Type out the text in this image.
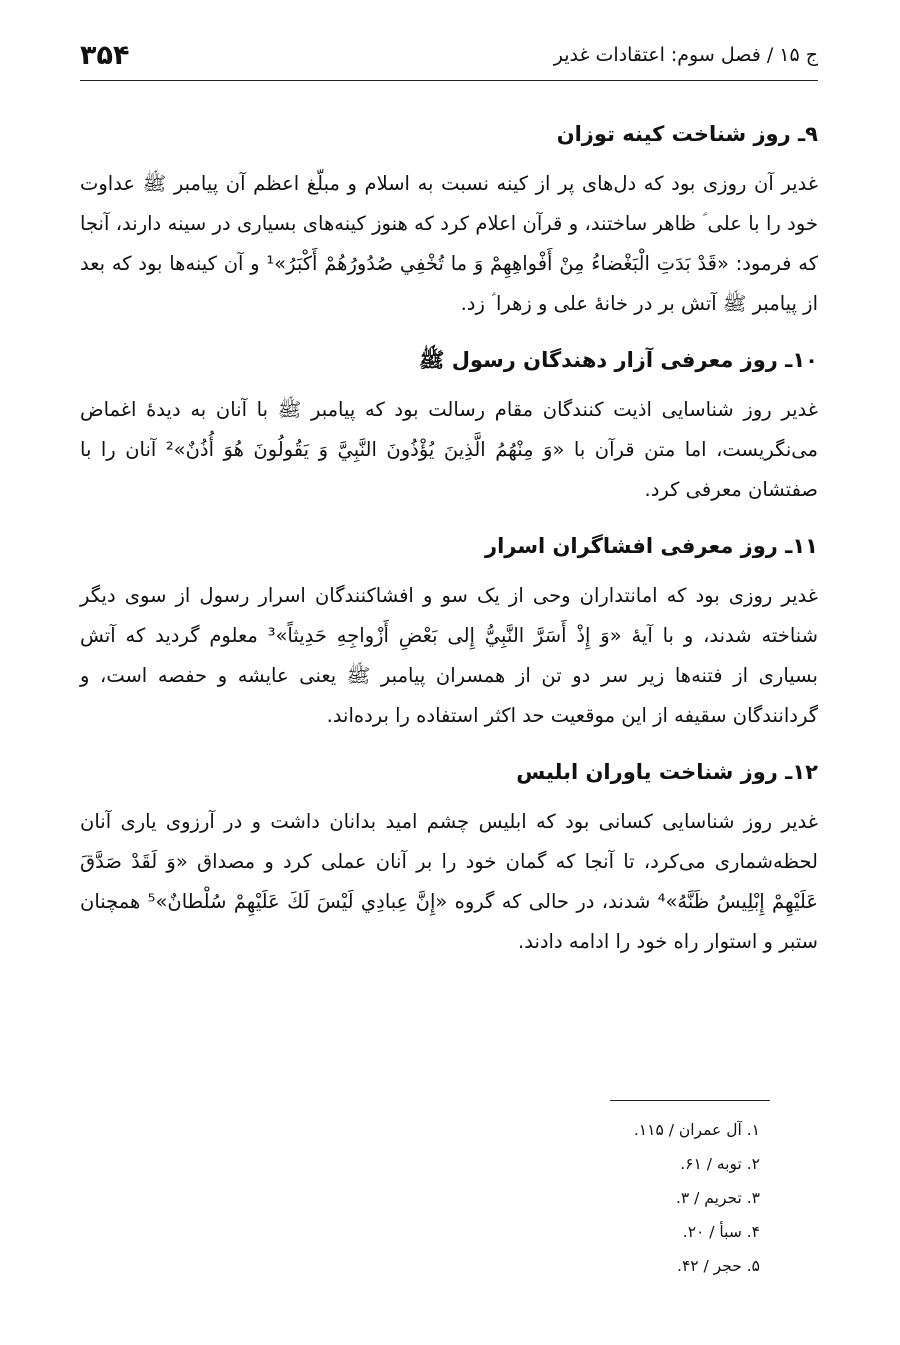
ج ۱۵ / فصل سوم: اعتقادات غدیر
۳۵۴
۹ـ روز شناخت کینه توزان

غدیر آن روزی بود که دل‌های پر از کینه نسبت به اسلام و مبلّغ اعظم آن پیامبر ﷺ عداوت خود را با علی ؑ ظاهر ساختند، و قرآن اعلام کرد که هنوز کینه‌های بسیاری در سینه دارند، آنجا که فرمود: «قَدْ بَدَتِ الْبَغْضاءُ مِنْ أَفْواهِهِمْ وَ ما تُخْفِي صُدُورُهُمْ أَكْبَرُ»¹ و آن کینه‌ها بود که بعد از پیامبر ﷺ آتش بر در خانهٔ علی و زهرا ؑ زد.

۱۰ـ روز معرفی آزار دهندگان رسول ﷺ

غدیر روز شناسایی اذیت کنندگان مقام رسالت بود که پیامبر ﷺ با آنان به دیدهٔ اغماض می‌نگریست، اما متن قرآن با «وَ مِنْهُمُ الَّذِينَ يُؤْذُونَ النَّبِيَّ وَ يَقُولُونَ هُوَ أُذُنٌ»² آنان را با صفتشان معرفی کرد.

۱۱ـ روز معرفی افشاگران اسرار

غدیر روزی بود که امانتداران وحی از یک سو و افشاکنندگان اسرار رسول از سوی دیگر شناخته شدند، و با آیهٔ «وَ إِذْ أَسَرَّ النَّبِيُّ إِلى بَعْضِ أَزْواجِهِ حَدِيثاً»³ معلوم گردید که آتش بسیاری از فتنه‌ها زیر سر دو تن از همسران پیامبر ﷺ یعنی عایشه و حفصه است، و گردانندگان سقیفه از این موقعیت حد اکثر استفاده را برده‌اند.

۱۲ـ روز شناخت یاوران ابلیس

غدیر روز شناسایی کسانی بود که ابلیس چشم امید بدانان داشت و در آرزوی یاری آنان لحظه‌شماری می‌کرد، تا آنجا که گمان خود را بر آنان عملی کرد و مصداق «وَ لَقَدْ صَدَّقَ عَلَيْهِمْ إِبْلِيسُ ظَنَّهُ»⁴ شدند، در حالی که گروه «إِنَّ عِبادِي لَيْسَ لَكَ عَلَيْهِمْ سُلْطانٌ»⁵ همچنان ستبر و استوار راه خود را ادامه دادند.

۱. آل عمران / ۱۱۵.
۲. توبه / ۶۱.
۳. تحریم / ۳.
۴. سبأ / ۲۰.
۵. حجر / ۴۲.
